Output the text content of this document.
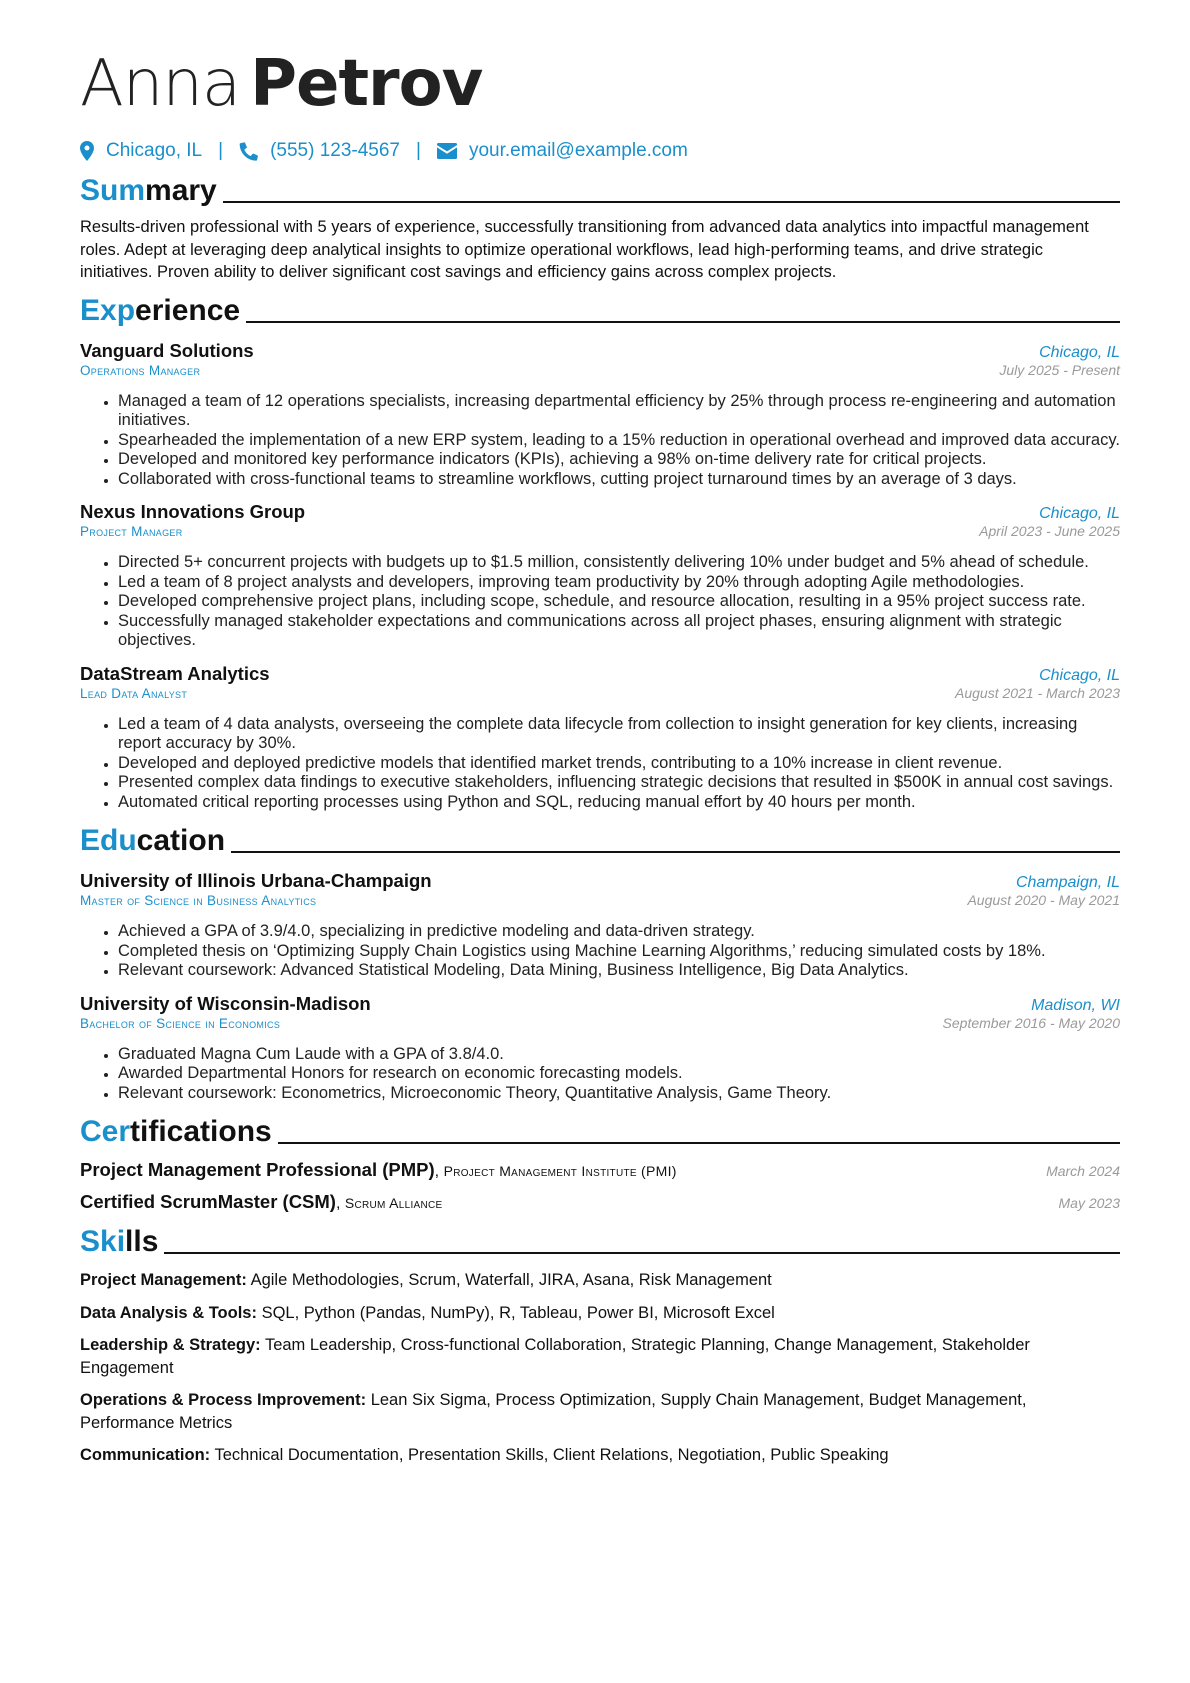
Anna Petrov
Chicago, IL | (555) 123-4567 |	your.email@example.com
Summary
Results-driven professional with 5 years of experience, successfully transitioning from advanced data analytics into impactful management roles. Adept at leveraging deep analytical insights to optimize operational workflows, lead high-performing teams, and drive strategic initiatives. Proven ability to deliver significant cost savings and efficiency gains across complex projects.
Experience
Vanguard Solutions	Chicago, IL
Operations Manager	July 2025 - Present
• Managed a team of 12 operations specialists, increasing departmental efficiency by 25% through process re-engineering and automation initiatives.
• Spearheaded the implementation of a new ERP system, leading to a 15% reduction in operational overhead and improved data accuracy.
• Developed and monitored key performance indicators (KPIs), achieving a 98% on-time delivery rate for critical projects.
• Collaborated with cross-functional teams to streamline workflows, cutting project turnaround times by an average of 3 days.
Nexus Innovations Group	Chicago, IL
Project Manager	April 2023 - June 2025
• Directed 5+ concurrent projects with budgets up to $1.5 million, consistently delivering 10% under budget and 5% ahead of schedule.
• Led a team of 8 project analysts and developers, improving team productivity by 20% through adopting Agile methodologies.
• Developed comprehensive project plans, including scope, schedule, and resource allocation, resulting in a 95% project success rate.
• Successfully managed stakeholder expectations and communications across all project phases, ensuring alignment with strategic objectives.
DataStream Analytics	Chicago, IL
Lead Data Analyst	August 2021 - March 2023
• Led a team of 4 data analysts, overseeing the complete data lifecycle from collection to insight generation for key clients, increasing report accuracy by 30%.
• Developed and deployed predictive models that identified market trends, contributing to a 10% increase in client revenue.
• Presented complex data findings to executive stakeholders, influencing strategic decisions that resulted in $500K in annual cost savings.
• Automated critical reporting processes using Python and SQL, reducing manual effort by 40 hours per month.
Education
University of Illinois Urbana-Champaign	Champaign, IL
Master of Science in Business Analytics	August 2020 - May 2021
• Achieved a GPA of 3.9/4.0, specializing in predictive modeling and data-driven strategy.
• Completed thesis on ‘Optimizing Supply Chain Logistics using Machine Learning Algorithms,’ reducing simulated costs by 18%.
• Relevant coursework: Advanced Statistical Modeling, Data Mining, Business Intelligence, Big Data Analytics.
University of Wisconsin-Madison	Madison, WI
Bachelor of Science in Economics	September 2016 - May 2020
• Graduated Magna Cum Laude with a GPA of 3.8/4.0.
• Awarded Departmental Honors for research on economic forecasting models.
• Relevant coursework: Econometrics, Microeconomic Theory, Quantitative Analysis, Game Theory.
Certifications
Project Management Professional (PMP), Project Management Institute (PMI)	March 2024
Certified ScrumMaster (CSM), Scrum Alliance	May 2023
Skills
Project Management: Agile Methodologies, Scrum, Waterfall, JIRA, Asana, Risk Management
Data Analysis & Tools: SQL, Python (Pandas, NumPy), R, Tableau, Power BI, Microsoft Excel
Leadership & Strategy: Team Leadership, Cross-functional Collaboration, Strategic Planning, Change Management, Stakeholder Engagement
Operations & Process Improvement: Lean Six Sigma, Process Optimization, Supply Chain Management, Budget Management, Performance Metrics
Communication: Technical Documentation, Presentation Skills, Client Relations, Negotiation, Public Speaking
